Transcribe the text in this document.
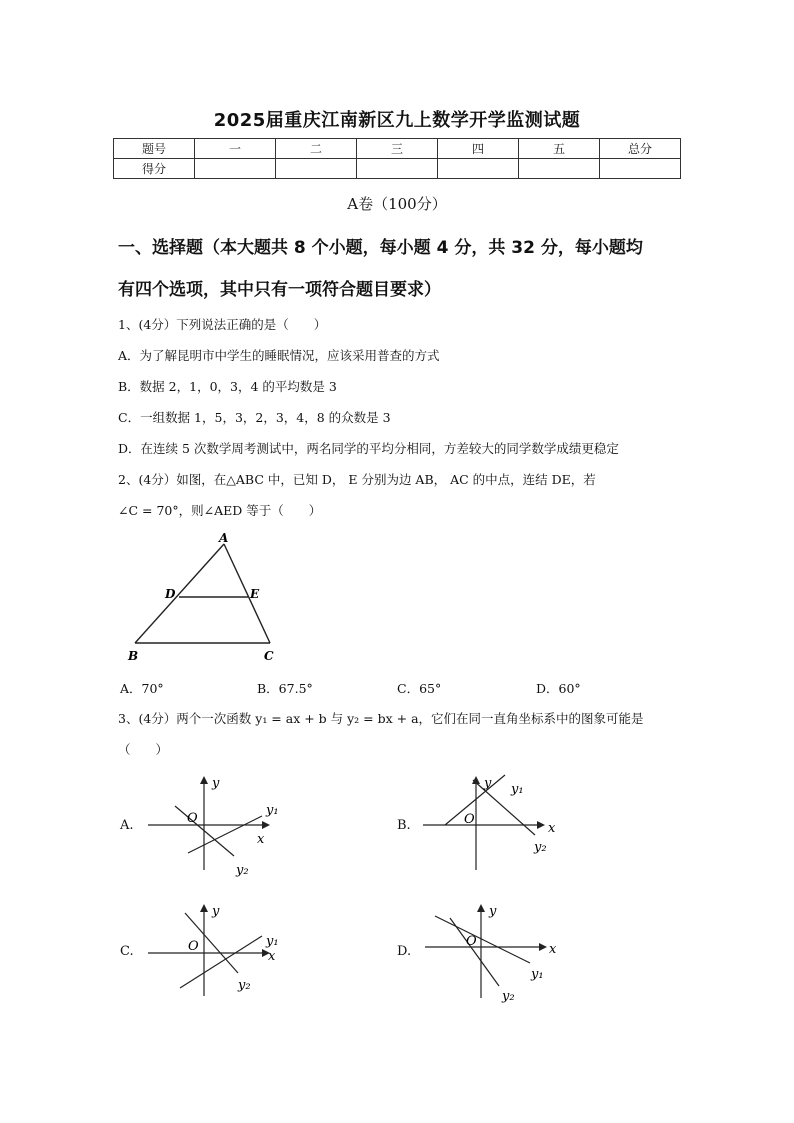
2025届重庆江南新区九上数学开学监测试题
题号	一	二	三	四	五	总分
得分						
A卷（100分）
一、选择题（本大题共 8 个小题，每小题 4 分，共 32 分，每小题均
有四个选项，其中只有一项符合题目要求）
1、(4分）下列说法正确的是（　　）
A．为了解昆明市中学生的睡眠情况，应该采用普查的方式
B．数据 2，1，0，3，4 的平均数是 3
C．一组数据 1，5，3，2，3，4，8 的众数是 3
D．在连续 5 次数学周考测试中，两名同学的平均分相同，方差较大的同学数学成绩更稳定
2、(4分）如图，在△ABC 中，已知 D， E 分别为边 AB， AC 的中点，连结 DE，若
∠C = 70°，则∠AED 等于（　　）
A
D	E
B	C
A．70°	B．67.5°	C．65°	D．60°
3、(4分）两个一次函数 y₁ = ax + b 与 y₂ = bx + a，它们在同一直角坐标系中的图象可能是
（　　）
A.
y
O
x
y₁
y₂
B.
y
O
x
y₁
y₂
C.
y
O
x
y₁
y₂
D.
y
O
x
y₁
y₂
